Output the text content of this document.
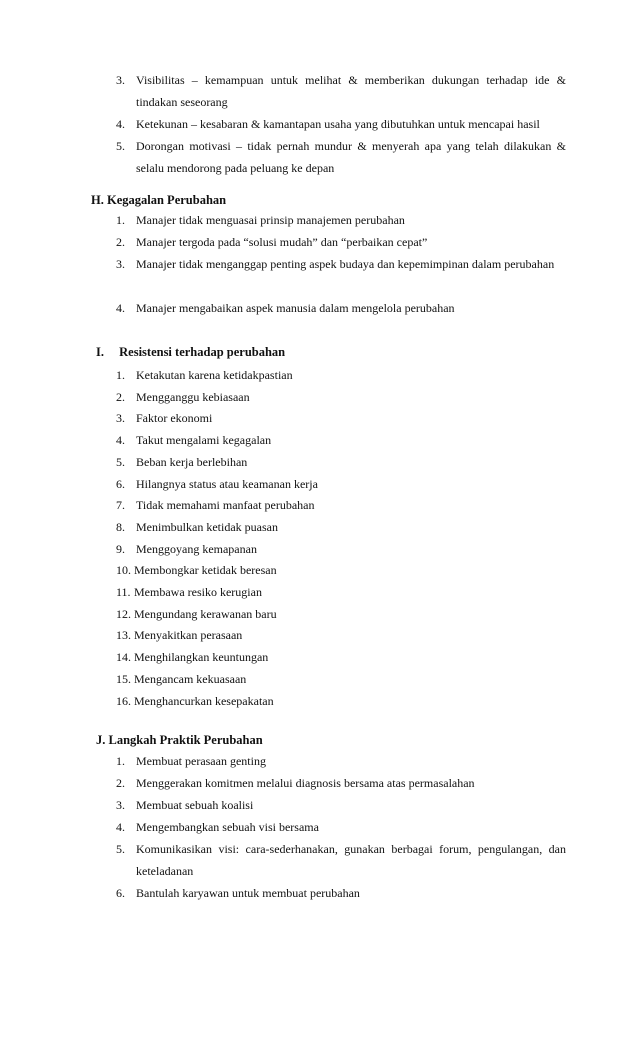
3. Visibilitas – kemampuan untuk melihat & memberikan dukungan terhadap ide & tindakan seseorang
4. Ketekunan – kesabaran & kamantapan usaha yang dibutuhkan untuk mencapai hasil
5. Dorongan motivasi – tidak pernah mundur & menyerah apa yang telah dilakukan & selalu mendorong pada peluang ke depan
H. Kegagalan Perubahan
1. Manajer tidak menguasai prinsip manajemen perubahan
2. Manajer tergoda pada “solusi mudah” dan “perbaikan cepat”
3. Manajer tidak menganggap penting aspek budaya dan kepemimpinan dalam perubahan
4. Manajer mengabaikan aspek manusia dalam mengelola perubahan
I. Resistensi terhadap perubahan
1. Ketakutan karena ketidakpastian
2. Mengganggu kebiasaan
3. Faktor ekonomi
4. Takut mengalami kegagalan
5. Beban kerja berlebihan
6. Hilangnya status atau keamanan kerja
7. Tidak memahami manfaat perubahan
8. Menimbulkan ketidak puasan
9. Menggoyang kemapanan
10. Membongkar ketidak beresan
11. Membawa resiko kerugian
12. Mengundang kerawanan baru
13. Menyakitkan perasaan
14. Menghilangkan keuntungan
15. Mengancam kekuasaan
16. Menghancurkan kesepakatan
J. Langkah Praktik Perubahan
1. Membuat perasaan genting
2. Menggerakan komitmen melalui diagnosis bersama atas permasalahan
3. Membuat sebuah koalisi
4. Mengembangkan sebuah visi bersama
5. Komunikasikan visi: cara-sederhanakan, gunakan berbagai forum, pengulangan, dan keteladanan
6. Bantulah karyawan untuk membuat perubahan
